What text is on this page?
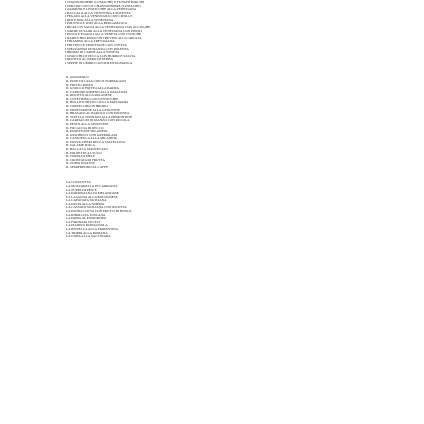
I CHANSONNIERE (LUMACHE) E FUNGHI PORCINI

I PORCINI CON LE CHANSONNIERE (LUMACHE)

I ZAMPONI E LENTICCHIE ALLA VENEZIANA

I BACCALÀ ALLA VICENTINA E POLENTA

I FEGATO ALLA VENEZIANA CON CIPOLLE

I RISI E BISI ALLA VENEZIANA

I POLENTA E OSEI ALLA BERGAMASCA

I BIGOLI IN SALSA ALLA VENEZIANA CON ACCIUGHE

I SARDE IN SAOR ALLA VENEZIANA CON PINOLI

I PASTA E FAGIOLI ALLA VENETA CON COTICHE

I RADICCHIO ROSSO DI TREVISO ALLA GRIGLIA

I TIRAMISÙ ALLA TREVIGIANA

I FRITTELLE VENEZIANE CON UVETTA

I SPEZZATINO DI MANZO CON POLENTA

I BRODO DI CARNE ALLA VENETA

I GNOCCHI DI ZUCCA CON BURRO E SALVIA

I RISOTTO AL NERO DI SEPPIA

I SEPPIE IN UMIDO CON POLENTA BIANCA

IL GRANZOLO

IL PANE DI CASA CON IL FORMAGGIO

IL FRITTO MISTO

IL GNOCCO FRITTO ALLA PARMA

IL CAPPONE RIPIENO ALLA NATALIZIA

IL RISOTTO ALLA MILANESE

IL COTECHINO CON LENTICCHIE

IL BOLLITO MISTO CON LA MOSTARDA

IL TORTELLINO IN BRODO

IL MINESTRONE ALLA GENOVESE

IL BRASATO AL BAROLO CON POLENTA

IL VITELLO TONNATO ALLA PIEMONTESE

IL CARPACCIO DI MANZO CON RUCOLA

IL PESTO ALLA GENOVESE

IL FOCACCIA DI RECCO

IL PANETTONE MILANESE

IL OSSOBUCO CON GREMOLATA

IL CASSOEULA ALLA MILANESE

IL PIZZOCCHERI DELLA VALTELLINA

IL SALAME D'OCA

IL BACCALÀ MANTECATO

IL POLPETTE AL SUGO

IL TORTA DI MELE

IL CROSTATA DI FRUTTA

IL ZUPPA INGLESE

IL SEMIFREDDO AL CAFFÈ

LA COTOLETTA

LA MOZZARELLA IN CARROZZA

LA ZUPPA DI PESCE

LA PARMIGIANA DI MELANZANE

LA LASAGNA ALLA BOLOGNESE

LA CAPONATA SICILIANA

LA PASTA ALLA NORMA

LA CASSATA SICILIANA CON RICOTTA

LA PANNA COTTA CON FRUTTI DI BOSCO

LA RIBOLLITA TOSCANA

LA PAPPA AL POMODORO

LA FARINATA DI CECI

LA PIADINA ROMAGNOLA

LA BISTECCA ALLA FIORENTINA

LA TRIPPA ALLA ROMANA

LA CODA ALLA VACCINARA
